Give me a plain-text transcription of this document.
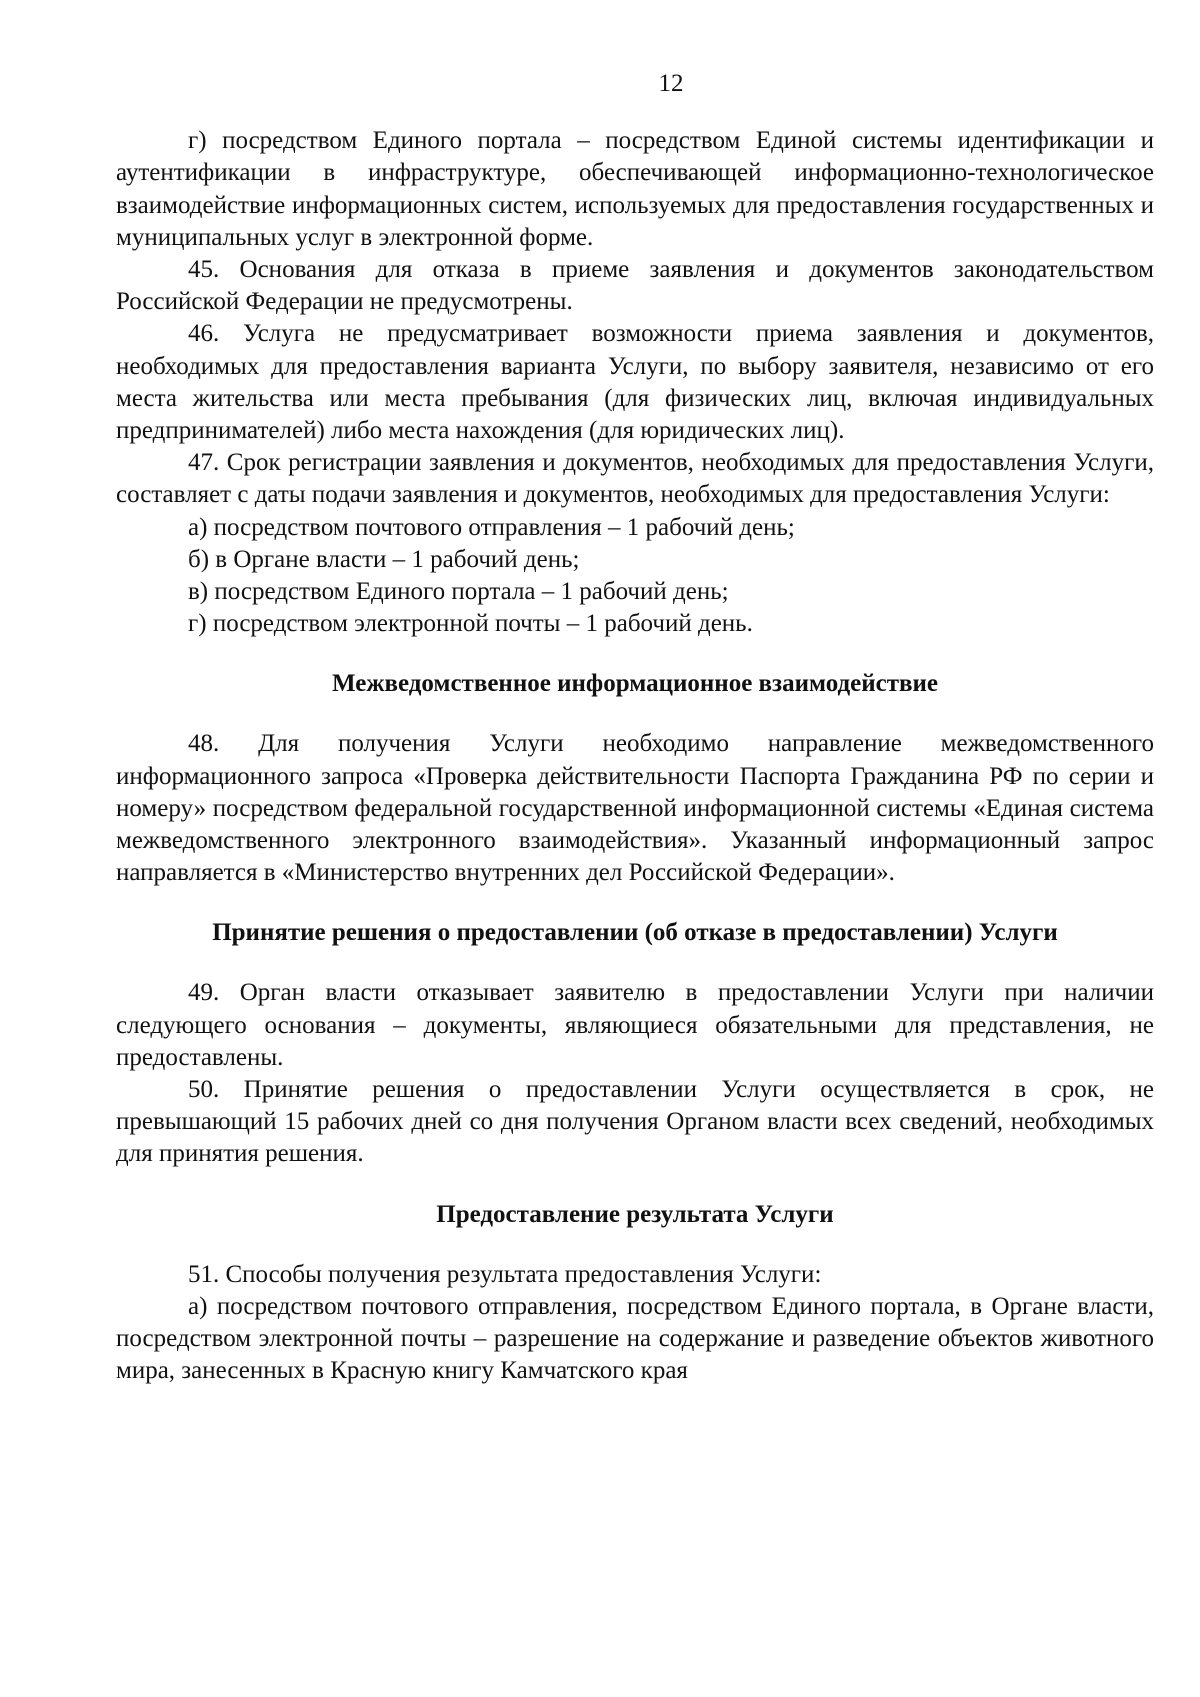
12

г) посредством Единого портала – посредством Единой системы идентификации и аутентификации в инфраструктуре, обеспечивающей информационно-технологическое взаимодействие информационных систем, используемых для предоставления государственных и муниципальных услуг в электронной форме.

45. Основания для отказа в приеме заявления и документов законодательством Российской Федерации не предусмотрены.

46. Услуга не предусматривает возможности приема заявления и документов, необходимых для предоставления варианта Услуги, по выбору заявителя, независимо от его места жительства или места пребывания (для физических лиц, включая индивидуальных предпринимателей) либо места нахождения (для юридических лиц).

47. Срок регистрации заявления и документов, необходимых для предоставления Услуги, составляет с даты подачи заявления и документов, необходимых для предоставления Услуги:

а) посредством почтового отправления – 1 рабочий день;

б) в Органе власти – 1 рабочий день;

в) посредством Единого портала – 1 рабочий день;

г) посредством электронной почты – 1 рабочий день.

Межведомственное информационное взаимодействие

48. Для получения Услуги необходимо направление межведомственного информационного запроса «Проверка действительности Паспорта Гражданина РФ по серии и номеру» посредством федеральной государственной информационной системы «Единая система межведомственного электронного взаимодействия». Указанный информационный запрос направляется в «Министерство внутренних дел Российской Федерации».

Принятие решения о предоставлении (об отказе в предоставлении) Услуги

49. Орган власти отказывает заявителю в предоставлении Услуги при наличии следующего основания – документы, являющиеся обязательными для представления, не предоставлены.

50. Принятие решения о предоставлении Услуги осуществляется в срок, не превышающий 15 рабочих дней со дня получения Органом власти всех сведений, необходимых для принятия решения.

Предоставление результата Услуги

51. Способы получения результата предоставления Услуги:

а) посредством почтового отправления, посредством Единого портала, в Органе власти, посредством электронной почты – разрешение на содержание и разведение объектов животного мира, занесенных в Красную книгу Камчатского края
